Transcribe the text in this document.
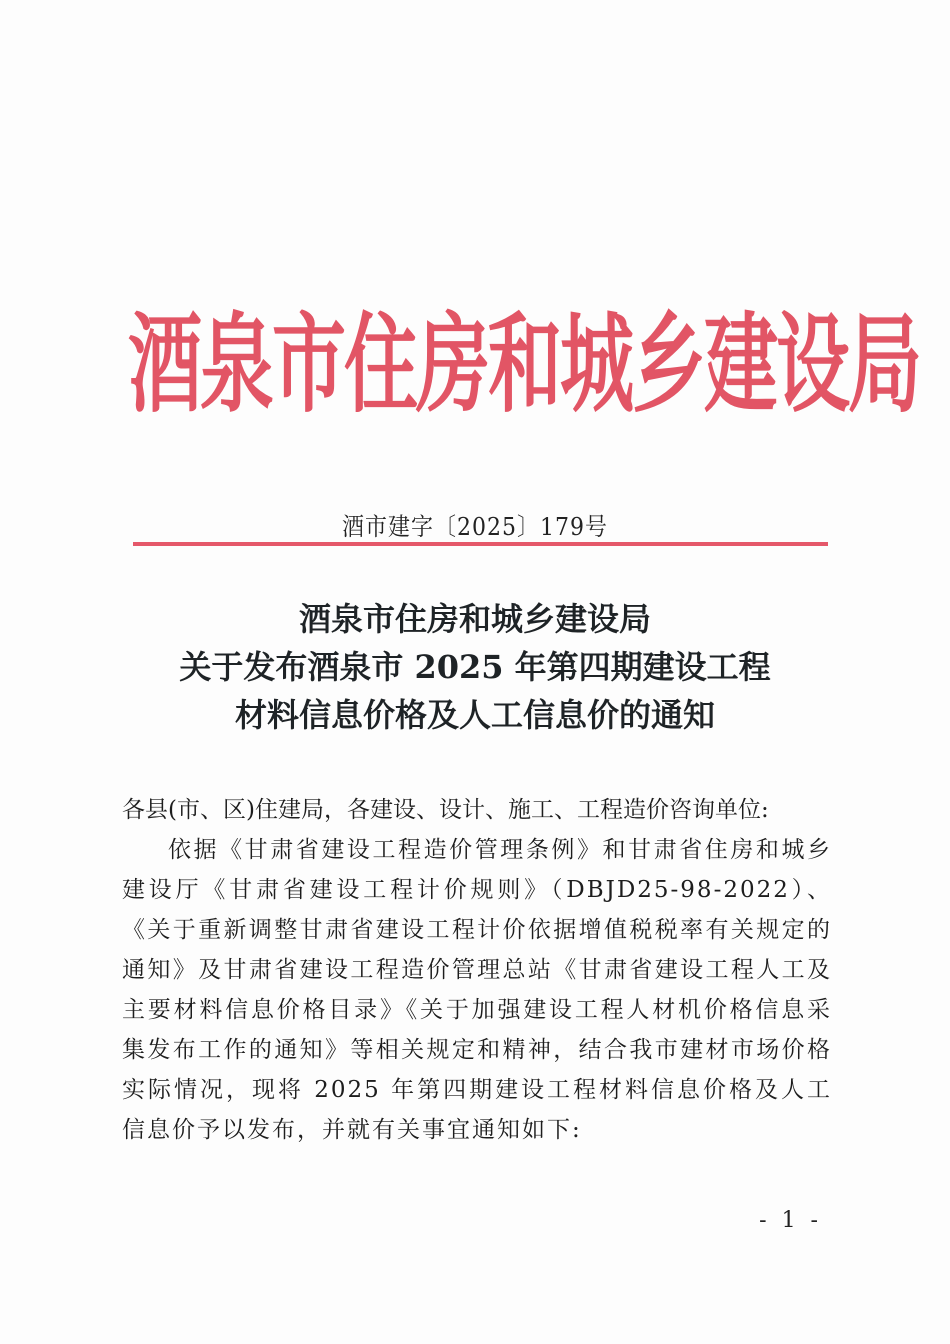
酒泉市住房和城乡建设局
酒市建字〔2025〕179号
酒泉市住房和城乡建设局
关于发布酒泉市 2025 年第四期建设工程
材料信息价格及人工信息价的通知

各县(市、区)住建局，各建设、设计、施工、工程造价咨询单位:

依据《甘肃省建设工程造价管理条例》和甘肃省住房和城乡建设厅《甘肃省建设工程计价规则》（DBJD25-98-2022）、《关于重新调整甘肃省建设工程计价依据增值税税率有关规定的通知》及甘肃省建设工程造价管理总站《甘肃省建设工程人工及主要材料信息价格目录》《关于加强建设工程人材机价格信息采集发布工作的通知》等相关规定和精神，结合我市建材市场价格实际情况，现将 2025 年第四期建设工程材料信息价格及人工信息价予以发布，并就有关事宜通知如下:

- 1 -
